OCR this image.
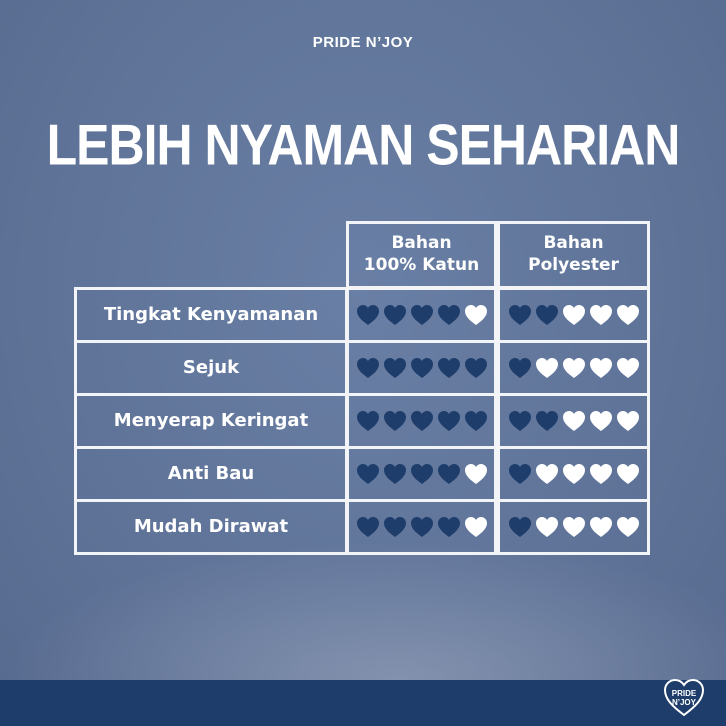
PRIDE N’JOY
LEBIH NYAMAN SEHARIAN
Bahan
100% Katun
Bahan
Polyester
Tingkat Kenyamanan
Sejuk
Menyerap Keringat
Anti Bau
Mudah Dirawat
PRIDE
N’JOY
